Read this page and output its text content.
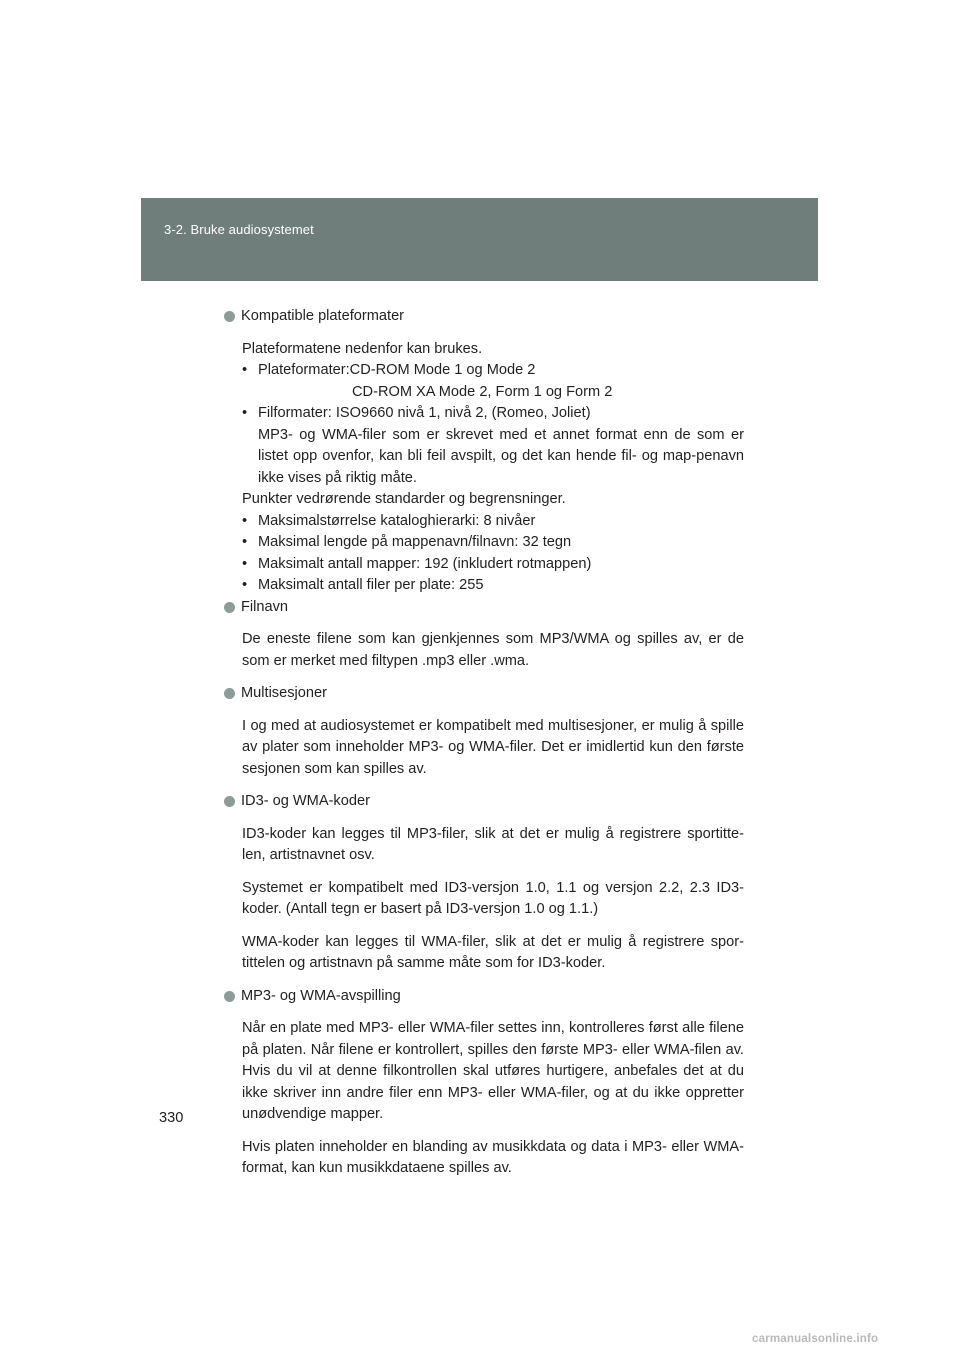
3-2. Bruke audiosystemet
Kompatible plateformater

Plateformatene nedenfor kan brukes.

• Plateformater:CD-ROM Mode 1 og Mode 2
CD-ROM XA Mode 2, Form 1 og Form 2
• Filformater: ISO9660 nivå 1, nivå 2, (Romeo, Joliet)
MP3- og WMA-filer som er skrevet med et annet format enn de som er listet opp ovenfor, kan bli feil avspilt, og det kan hende fil- og map-penavn ikke vises på riktig måte.

Punkter vedrørende standarder og begrensninger.

• Maksimalstørrelse kataloghierarki: 8 nivåer
• Maksimal lengde på mappenavn/filnavn: 32 tegn
• Maksimalt antall mapper: 192 (inkludert rotmappen)
• Maksimalt antall filer per plate: 255
Filnavn

De eneste filene som kan gjenkjennes som MP3/WMA og spilles av, er de som er merket med filtypen .mp3 eller .wma.

Multisesjoner

I og med at audiosystemet er kompatibelt med multisesjoner, er mulig å spille av plater som inneholder MP3- og WMA-filer. Det er imidlertid kun den første sesjonen som kan spilles av.

ID3- og WMA-koder

ID3-koder kan legges til MP3-filer, slik at det er mulig å registrere sportitte-len, artistnavnet osv.

Systemet er kompatibelt med ID3-versjon 1.0, 1.1 og versjon 2.2, 2.3 ID3-koder. (Antall tegn er basert på ID3-versjon 1.0 og 1.1.)

WMA-koder kan legges til WMA-filer, slik at det er mulig å registrere spor-tittelen og artistnavn på samme måte som for ID3-koder.

MP3- og WMA-avspilling

Når en plate med MP3- eller WMA-filer settes inn, kontrolleres først alle filene på platen. Når filene er kontrollert, spilles den første MP3- eller WMA-filen av. Hvis du vil at denne filkontrollen skal utføres hurtigere, anbefales det at du ikke skriver inn andre filer enn MP3- eller WMA-filer, og at du ikke oppretter unødvendige mapper.

Hvis platen inneholder en blanding av musikkdata og data i MP3- eller WMA-format, kan kun musikkdataene spilles av.

330
carmanualsonline.info
